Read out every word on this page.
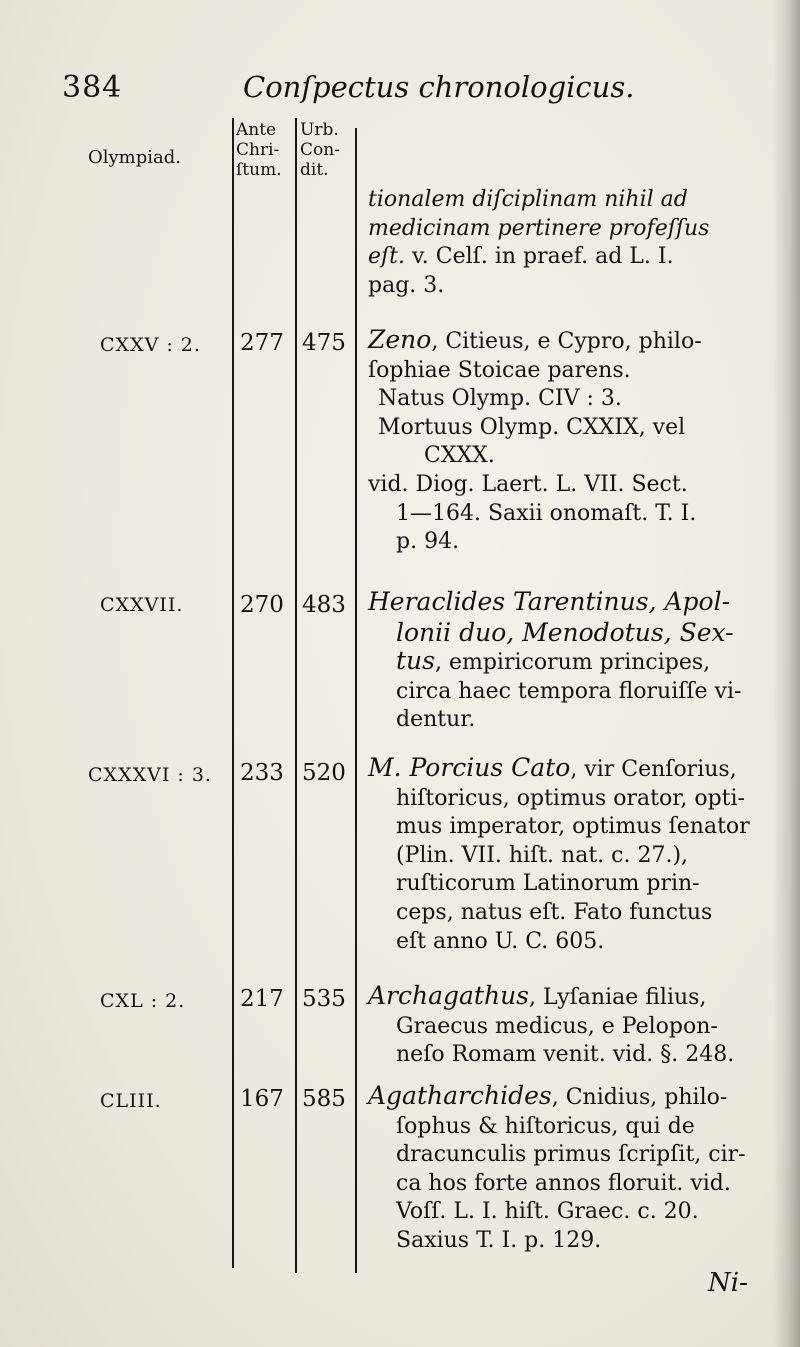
384	Conſpectus chronologicus.
Olympiad.
Ante
Chri-
ſtum.
Urb.
Con-
dit.
tionalem diſciplinam nihil ad
medicinam pertinere profeſſus
eſt. v. Celſ. in praef. ad L. I.
pag. 3.
CXXV : 2. 277 475 Zeno, Citieus, e Cypro, philo-
ſophiae Stoicae parens.
Natus Olymp. CIV : 3.
Mortuus Olymp. CXXIX, vel
CXXX.
vid. Diog. Laert. L. VII. Sect.
1—164. Saxii onomaſt. T. I.
p. 94.
CXXVII. 270 483 Heraclides Tarentinus, Apol-
lonii duo, Menodotus, Sex-
tus, empiricorum principes,
circa haec tempora floruiſſe vi-
dentur.
CXXXVI : 3. 233 520 M. Porcius Cato, vir Cenſorius,
hiſtoricus, optimus orator, opti-
mus imperator, optimus ſenator
(Plin. VII. hiſt. nat. c. 27.),
ruſticorum Latinorum prin-
ceps, natus eſt. Fato functus
eſt anno U. C. 605.
CXL : 2. 217 535 Archagathus, Lyſaniae filius,
Graecus medicus, e Pelopon-
neſo Romam venit. vid. §. 248.
CLIII.	167 585 Agatharchides, Cnidius, philo-
ſophus & hiſtoricus, qui de
dracunculis primus ſcripſit, cir-
ca hos forte annos floruit. vid.
Voſſ. L. I. hiſt. Graec. c. 20.
Saxius T. I. p. 129.
Ni-
